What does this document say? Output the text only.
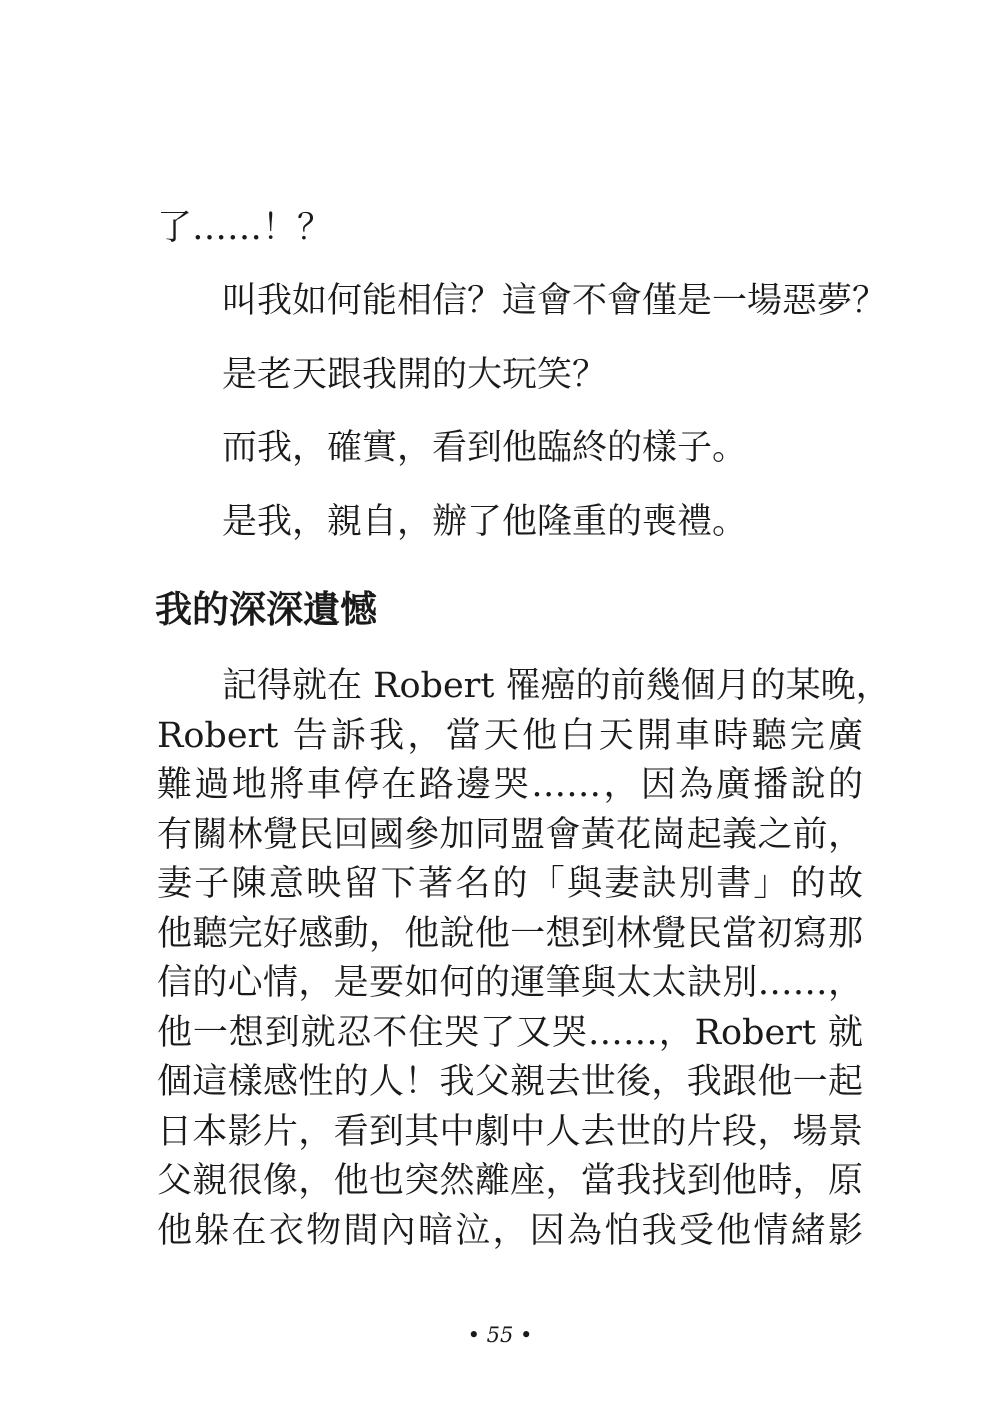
了……！？
叫我如何能相信？這會不會僅是一場惡夢？
是老天跟我開的大玩笑？
而我，確實，看到他臨終的樣子。
是我，親自，辦了他隆重的喪禮。
我的深深遺憾
記得就在 Robert 罹癌的前幾個月的某晚，
Robert 告訴我，當天他白天開車時聽完廣
難過地將車停在路邊哭……，因為廣播說的
有關林覺民回國參加同盟會黃花崗起義之前，
妻子陳意映留下著名的「與妻訣別書」的故
他聽完好感動，他說他一想到林覺民當初寫那
信的心情，是要如何的運筆與太太訣別……，
他一想到就忍不住哭了又哭……，Robert 就
個這樣感性的人！我父親去世後，我跟他一起
日本影片，看到其中劇中人去世的片段，場景
父親很像，他也突然離座，當我找到他時，原
他躲在衣物間內暗泣，因為怕我受他情緒影
• 55 •
